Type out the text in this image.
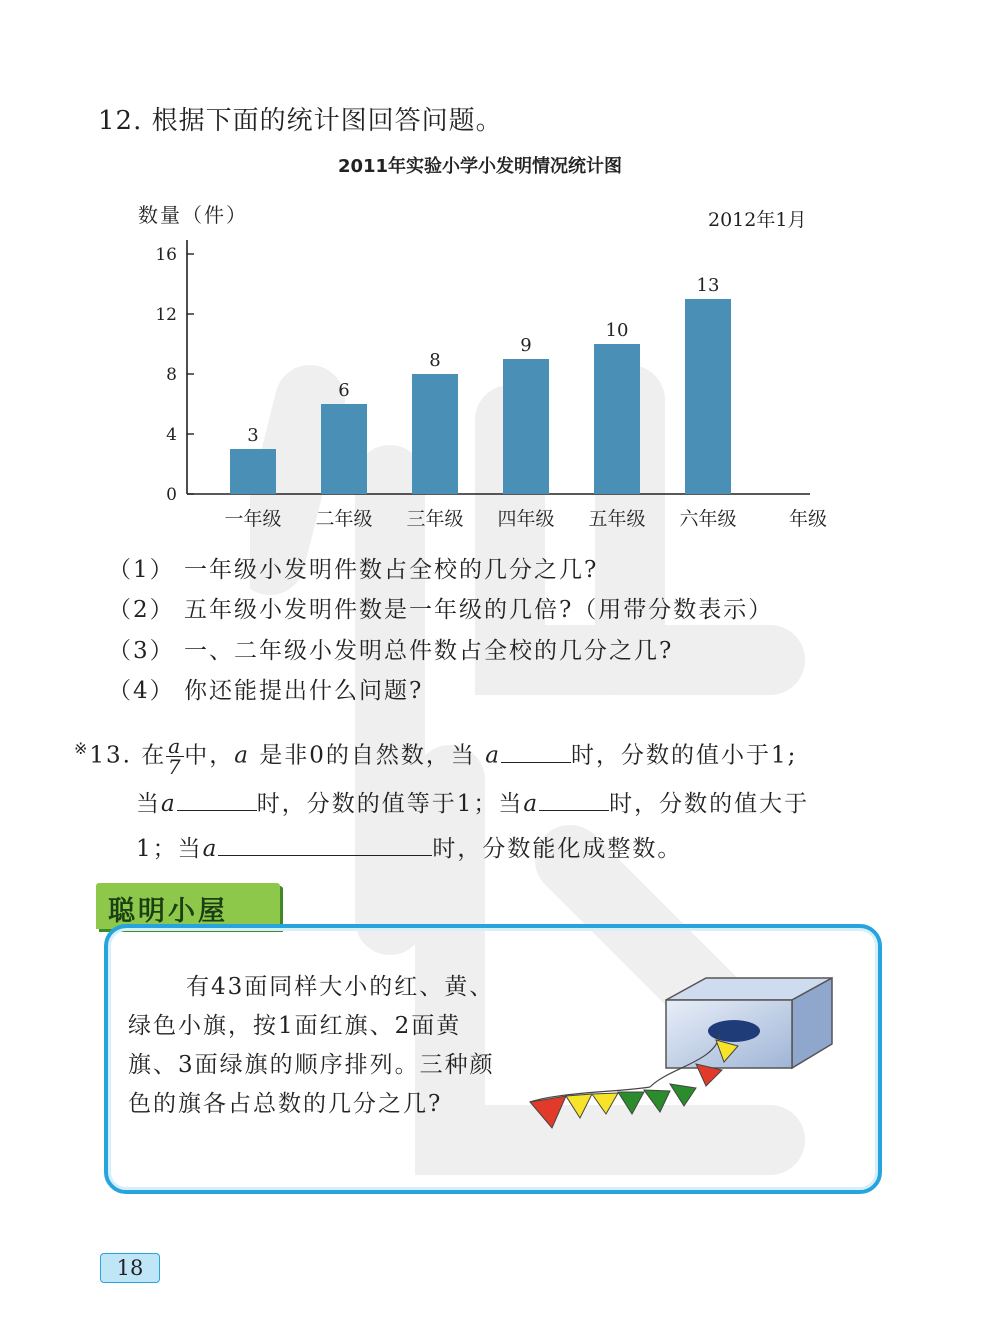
12. 根据下面的统计图回答问题。
2011年实验小学小发明情况统计图
数量（件）	2012年1月
0
4
8
12
16
3
一年级
6
二年级
8
三年级
9
四年级
10
五年级
13
六年级	年级
（1） 一年级小发明件数占全校的几分之几?
（2） 五年级小发明件数是一年级的几倍?（用带分数表示）
（3） 一、二年级小发明总件数占全校的几分之几?
（4） 你还能提出什么问题?
※13. 在 $\frac{a}{7}$ 中，a 是非0的自然数，当 a	时，分数的值小于1;
当a	时，分数的值等于1；当a	时，分数的值大于
1；当a	时，分数能化成整数。
聪明小屋
有43面同样大小的红、黄、绿色小旗，按1面红旗、2面黄旗、3面绿旗的顺序排列。三种颜色的旗各占总数的几分之几?
18
